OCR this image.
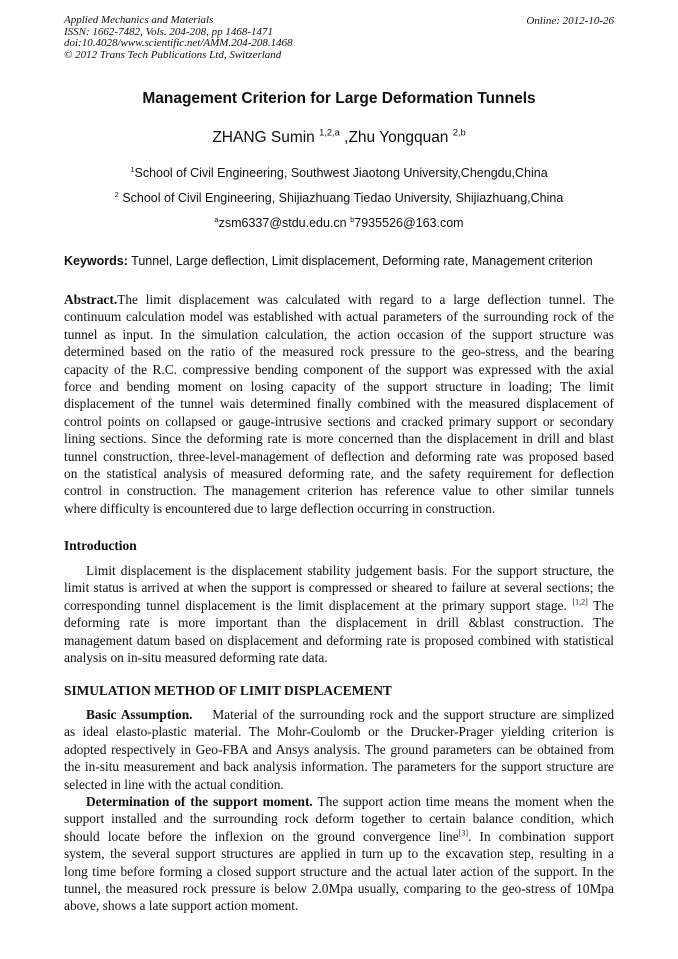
Applied Mechanics and Materials
ISSN: 1662-7482, Vols. 204-208, pp 1468-1471
doi:10.4028/www.scientific.net/AMM.204-208.1468
© 2012 Trans Tech Publications Ltd, Switzerland
Online: 2012-10-26
Management Criterion for Large Deformation Tunnels
ZHANG Sumin $^{1,2,a}$ ,Zhu Yongquan $^{2,b}$
$^1$School of Civil Engineering, Southwest Jiaotong University,Chengdu,China
$^2$ School of Civil Engineering, Shijiazhuang Tiedao University, Shijiazhuang,China
$^a$zsm6337@stdu.edu.cn $^b$7935526@163.com
Keywords: Tunnel, Large deflection, Limit displacement, Deforming rate, Management criterion
Abstract.The limit displacement was calculated with regard to a large deflection tunnel. The
continuum calculation model was established with actual parameters of the surrounding rock of the
tunnel as input. In the simulation calculation, the action occasion of the support structure was
determined based on the ratio of the measured rock pressure to the geo-stress, and the bearing
capacity of the R.C. compressive bending component of the support was expressed with the axial
force and bending moment on losing capacity of the support structure in loading; The limit
displacement of the tunnel wais determined finally combined with the measured displacement of
control points on collapsed or gauge-intrusive sections and cracked primary support or secondary
lining sections. Since the deforming rate is more concerned than the displacement in drill and blast
tunnel construction, three-level-management of deflection and deforming rate was proposed based
on the statistical analysis of measured deforming rate, and the safety requirement for deflection
control in construction. The management criterion has reference value to other similar tunnels
where difficulty is encountered due to large deflection occurring in construction.
Introduction
Limit displacement is the displacement stability judgement basis. For the support structure, the
limit status is arrived at when the support is compressed or sheared to failure at several sections; the
corresponding tunnel displacement is the limit displacement at the primary support stage. [1,2] The
deforming rate is more important than the displacement in drill &blast construction. The
management datum based on displacement and deforming rate is proposed combined with statistical
analysis on in-situ measured deforming rate data.
SIMULATION METHOD OF LIMIT DISPLACEMENT
Basic Assumption.    Material of the surrounding rock and the support structure are simplized
as ideal elasto-plastic material. The Mohr-Coulomb or the Drucker-Prager yielding criterion is
adopted respectively in Geo-FBA and Ansys analysis. The ground parameters can be obtained from
the in-situ measurement and back analysis information. The parameters for the support structure are
selected in line with the actual condition.
Determination of the support moment. The support action time means the moment when the
support installed and the surrounding rock deform together to certain balance condition, which
should locate before the inflexion on the ground convergence line[3]. In combination support
system, the several support structures are applied in turn up to the excavation step, resulting in a
long time before forming a closed support structure and the actual later action of the support. In the
tunnel, the measured rock pressure is below 2.0Mpa usually, comparing to the geo-stress of 10Mpa
above, shows a late support action moment.
